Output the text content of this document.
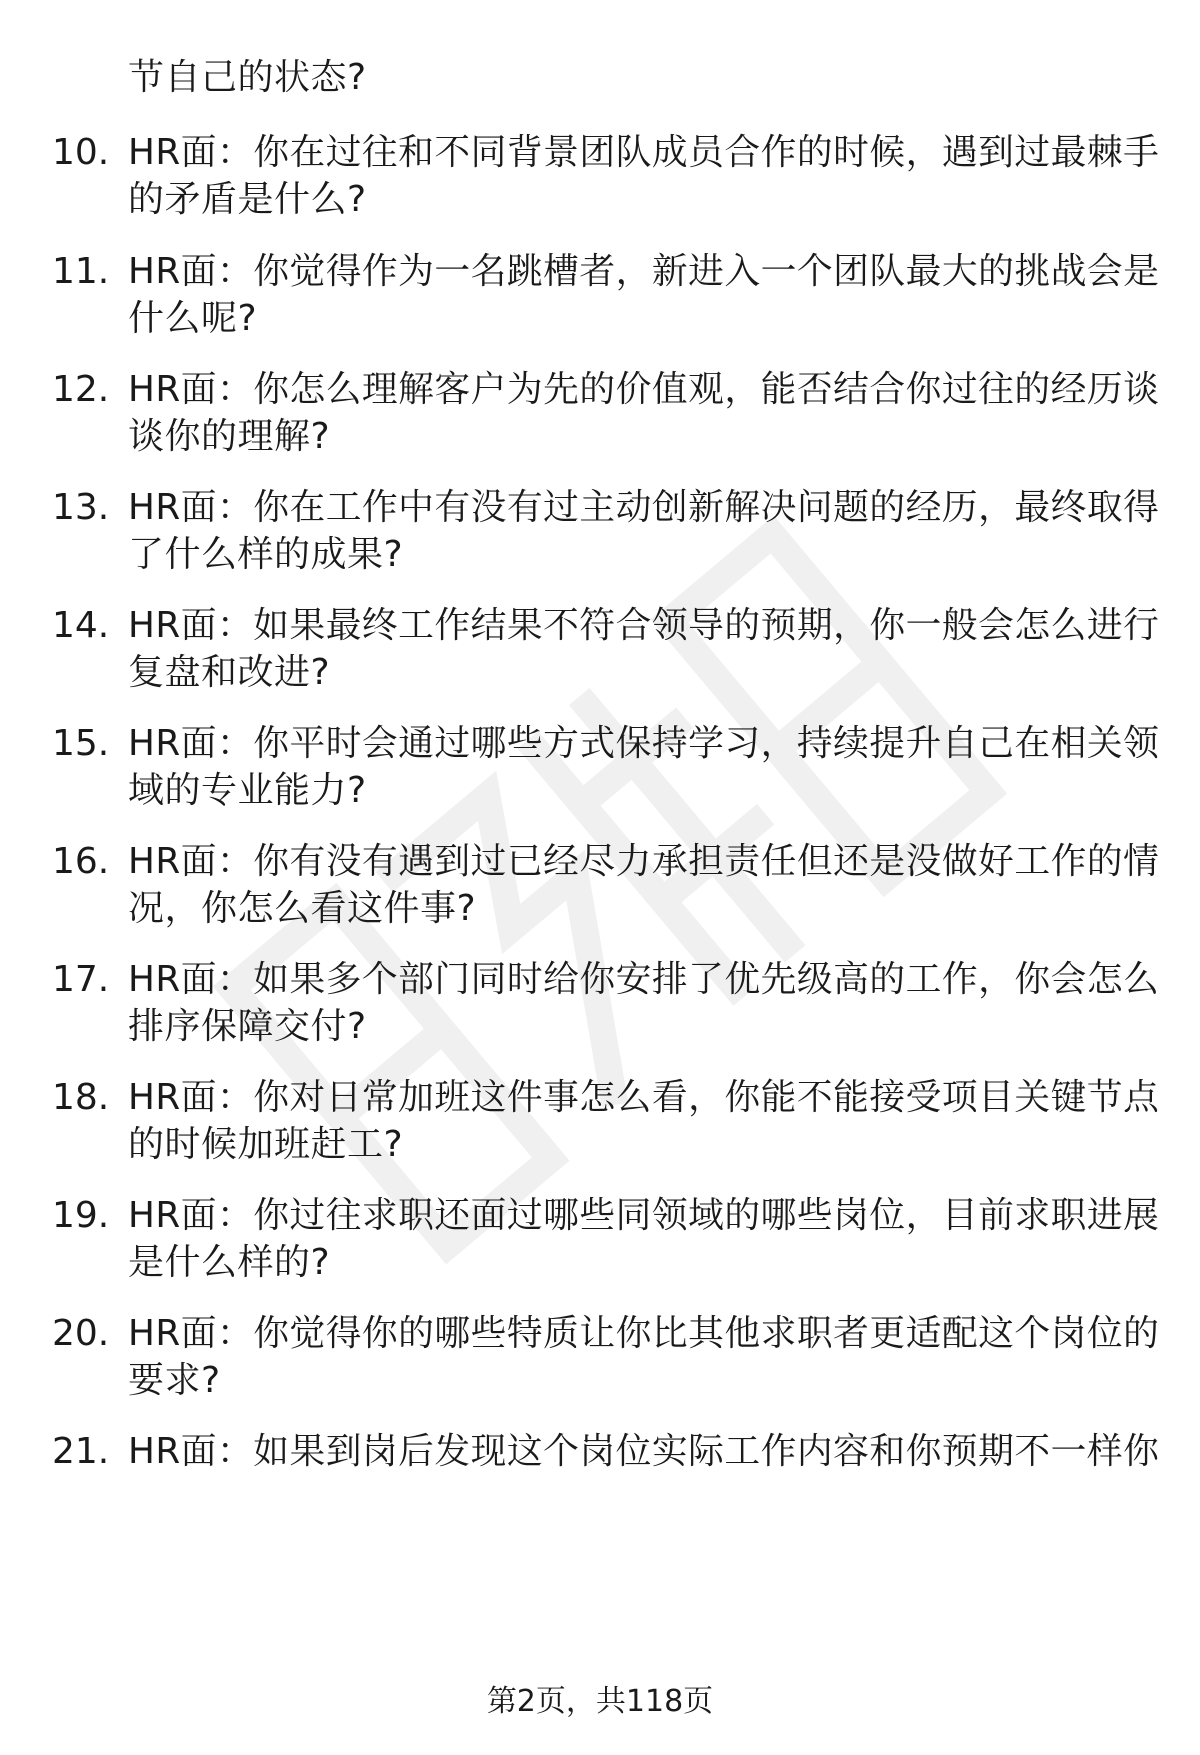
节自己的状态?
10. HR面：你在过往和不同背景团队成员合作的时候，遇到过最棘手
的矛盾是什么?
11. HR面：你觉得作为一名跳槽者，新进入一个团队最大的挑战会是
什么呢?
12. HR面：你怎么理解客户为先的价值观，能否结合你过往的经历谈
谈你的理解?
13. HR面：你在工作中有没有过主动创新解决问题的经历，最终取得
了什么样的成果?
14. HR面：如果最终工作结果不符合领导的预期，你一般会怎么进行
复盘和改进?
15. HR面：你平时会通过哪些方式保持学习，持续提升自己在相关领
域的专业能力?
16. HR面：你有没有遇到过已经尽力承担责任但还是没做好工作的情
况，你怎么看这件事?
17. HR面：如果多个部门同时给你安排了优先级高的工作，你会怎么
排序保障交付?
18. HR面：你对日常加班这件事怎么看，你能不能接受项目关键节点
的时候加班赶工?
19. HR面：你过往求职还面过哪些同领域的哪些岗位，目前求职进展
是什么样的?
20. HR面：你觉得你的哪些特质让你比其他求职者更适配这个岗位的
要求?
21. HR面：如果到岗后发现这个岗位实际工作内容和你预期不一样你
第2页，共118页
